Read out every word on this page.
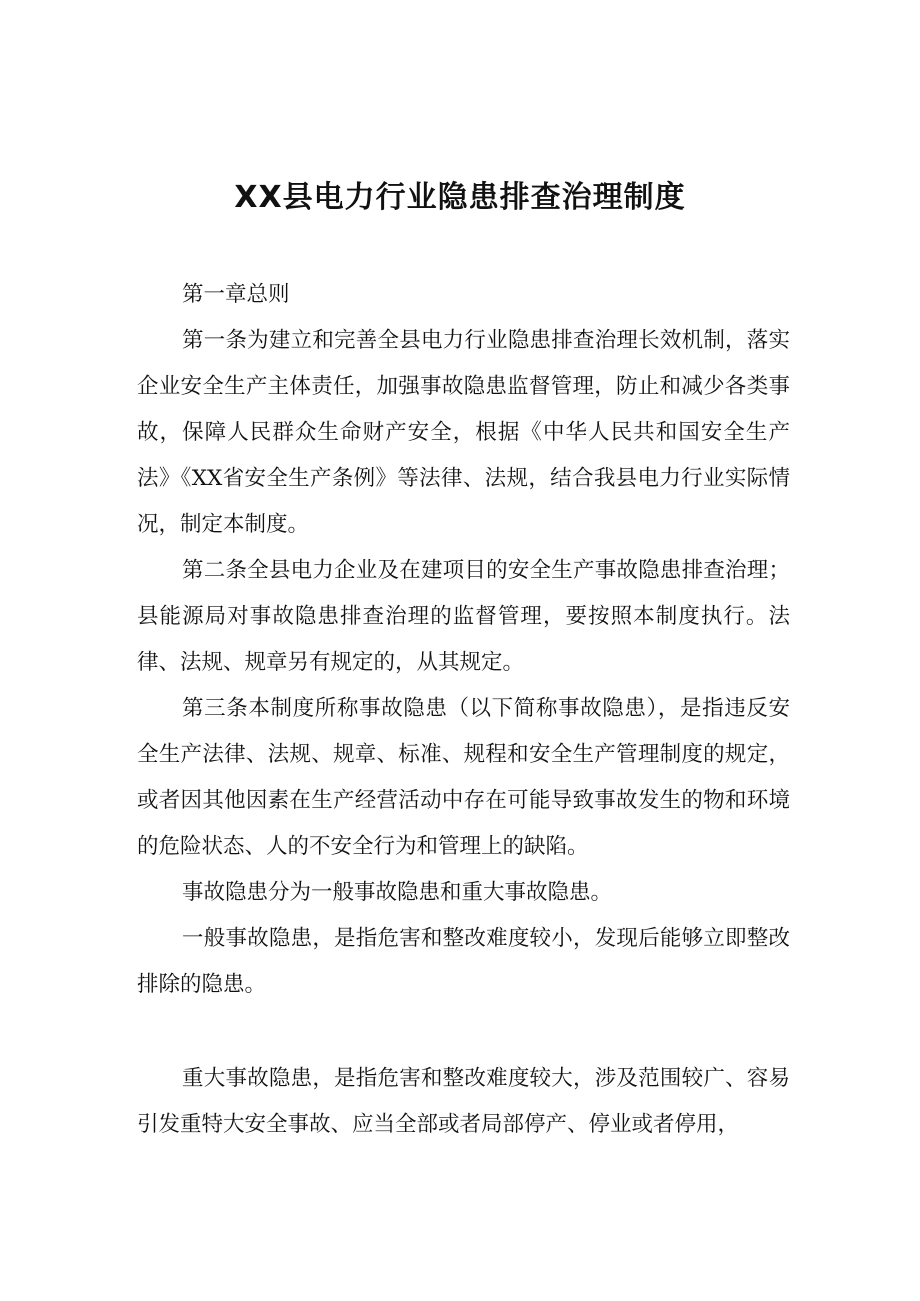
XX县电力行业隐患排查治理制度

第一章总则

第一条为建立和完善全县电力行业隐患排查治理长效机制，落实企业安全生产主体责任，加强事故隐患监督管理，防止和减少各类事故，保障人民群众生命财产安全，根据《中华人民共和国安全生产法》《XX省安全生产条例》等法律、法规，结合我县电力行业实际情况，制定本制度。

第二条全县电力企业及在建项目的安全生产事故隐患排查治理；县能源局对事故隐患排查治理的监督管理，要按照本制度执行。法律、法规、规章另有规定的，从其规定。

第三条本制度所称事故隐患（以下简称事故隐患），是指违反安全生产法律、法规、规章、标准、规程和安全生产管理制度的规定，或者因其他因素在生产经营活动中存在可能导致事故发生的物和环境的危险状态、人的不安全行为和管理上的缺陷。

事故隐患分为一般事故隐患和重大事故隐患。

一般事故隐患，是指危害和整改难度较小，发现后能够立即整改排除的隐患。

重大事故隐患，是指危害和整改难度较大，涉及范围较广、容易引发重特大安全事故、应当全部或者局部停产、停业或者停用，
